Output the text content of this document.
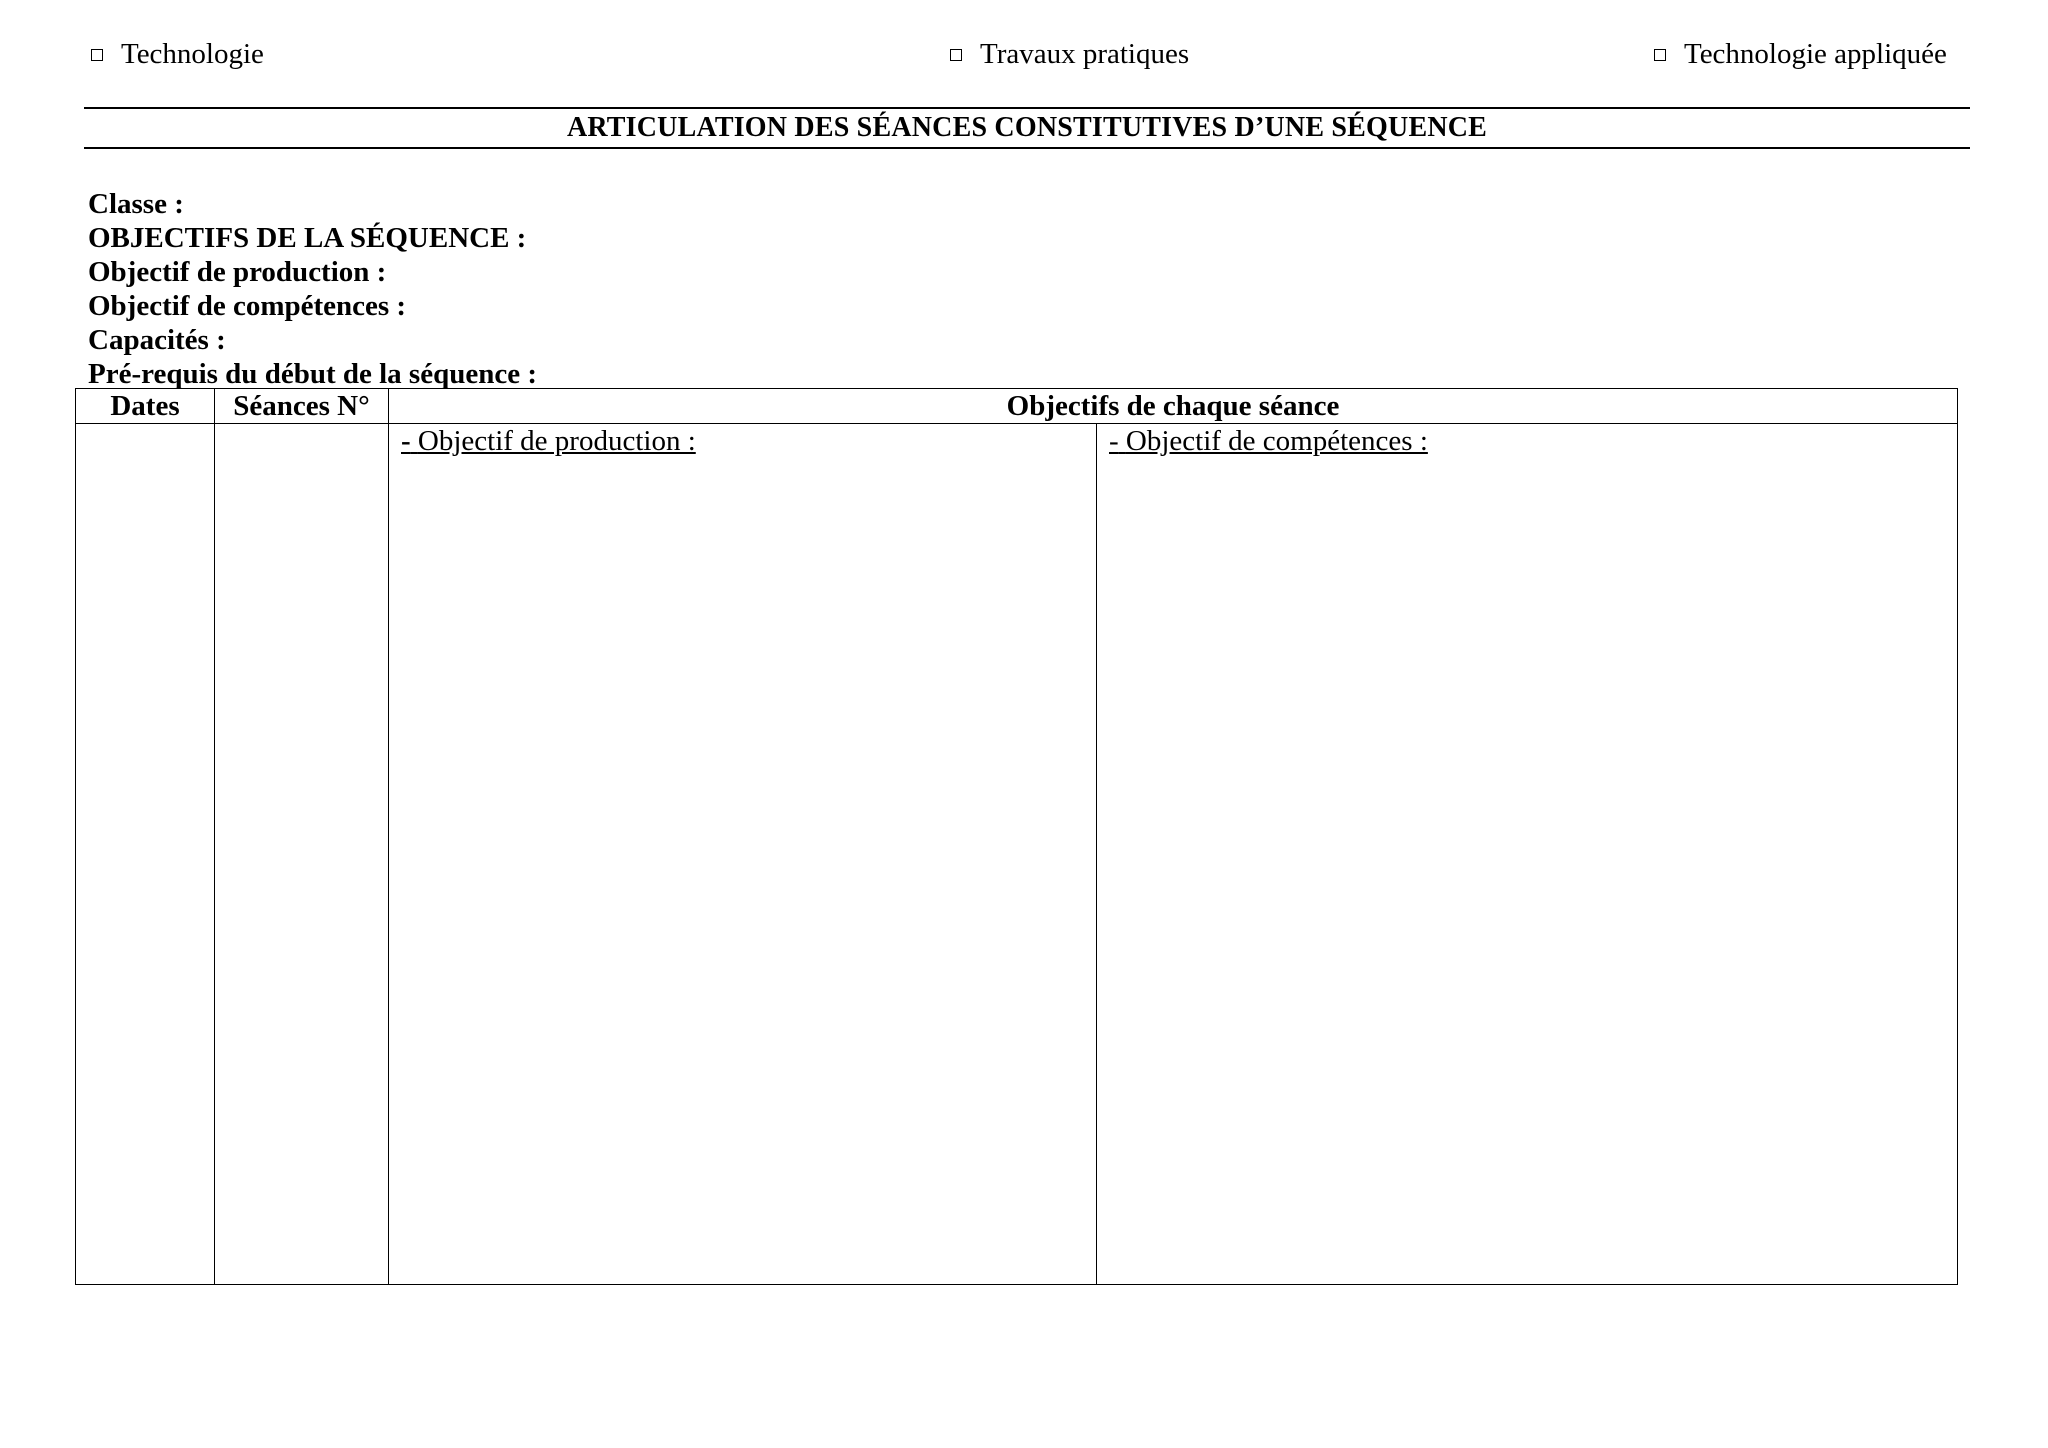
Technologie	Travaux pratiques	Technologie appliquée
ARTICULATION DES SÉANCES CONSTITUTIVES D’UNE SÉQUENCE
Classe :
OBJECTIFS DE LA SÉQUENCE :
Objectif de production :
Objectif de compétences :
Capacités :
Pré-requis du début de la séquence :
Dates	Séances N°	Objectifs de chaque séance	

		- Objectif de production :	- Objectif de compétences :
